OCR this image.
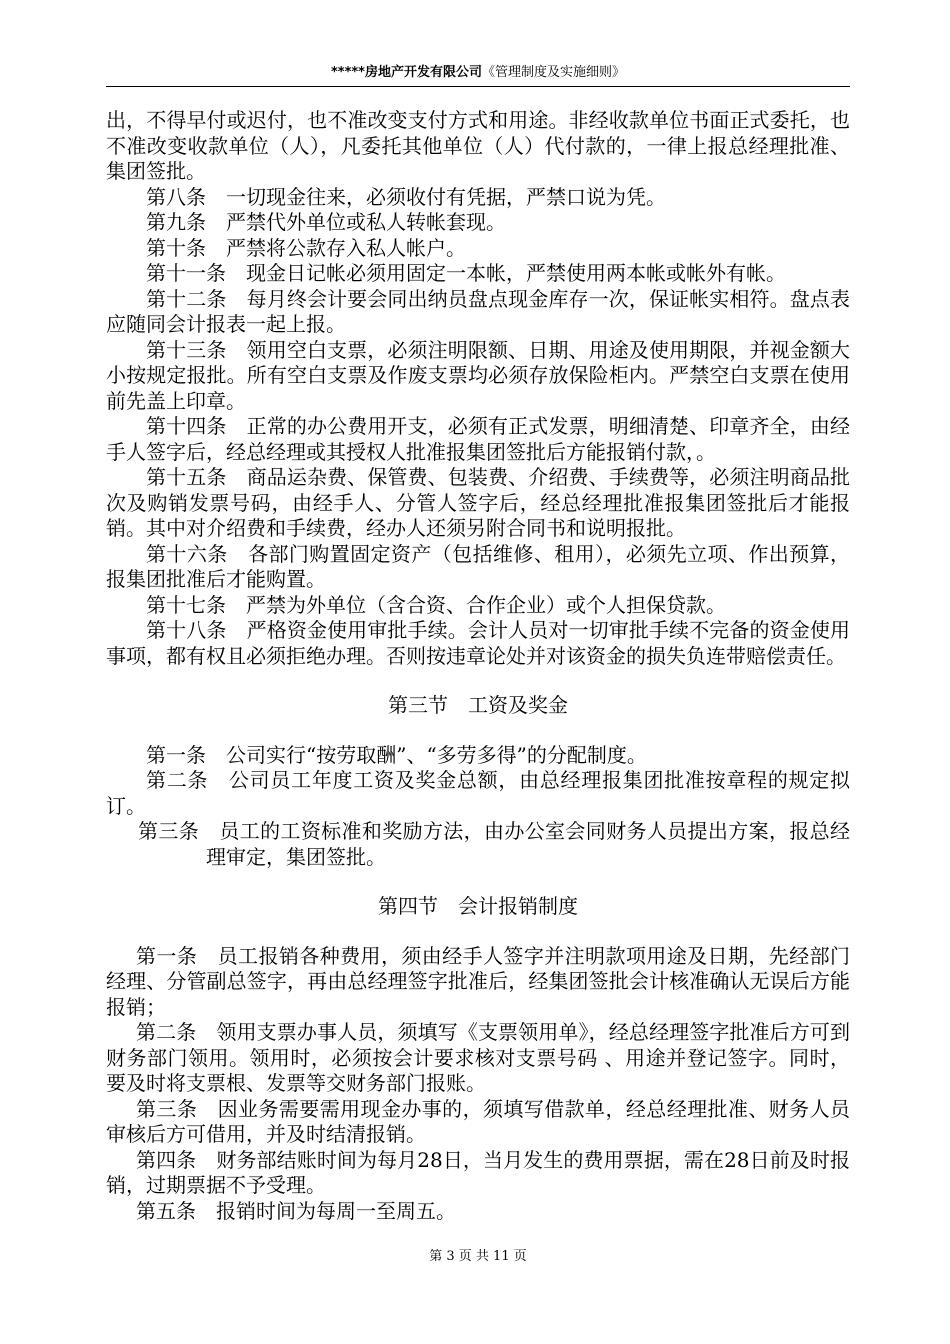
*****房地产开发有限公司《管理制度及实施细则》

出，不得早付或迟付，也不准改变支付方式和用途。非经收款单位书面正式委托，也不准改变收款单位（人），凡委托其他单位（人）代付款的，一律上报总经理批准、集团签批。

第八条　一切现金往来，必须收付有凭据，严禁口说为凭。

第九条　严禁代外单位或私人转帐套现。

第十条　严禁将公款存入私人帐户。

第十一条　现金日记帐必须用固定一本帐，严禁使用两本帐或帐外有帐。

第十二条　每月终会计要会同出纳员盘点现金库存一次，保证帐实相符。盘点表应随同会计报表一起上报。

第十三条　领用空白支票，必须注明限额、日期、用途及使用期限，并视金额大小按规定报批。所有空白支票及作废支票均必须存放保险柜内。严禁空白支票在使用前先盖上印章。

第十四条　正常的办公费用开支，必须有正式发票，明细清楚、印章齐全，由经手人签字后，经总经理或其授权人批准报集团签批后方能报销付款，。

第十五条　商品运杂费、保管费、包装费、介绍费、手续费等，必须注明商品批次及购销发票号码，由经手人、分管人签字后，经总经理批准报集团签批后才能报销。其中对介绍费和手续费，经办人还须另附合同书和说明报批。

第十六条　各部门购置固定资产（包括维修、租用），必须先立项、作出预算，报集团批准后才能购置。

第十七条　严禁为外单位（含合资、合作企业）或个人担保贷款。

第十八条　严格资金使用审批手续。会计人员对一切审批手续不完备的资金使用事项，都有权且必须拒绝办理。否则按违章论处并对该资金的损失负连带赔偿责任。

第三节　工资及奖金

第一条　公司实行“按劳取酬”、“多劳多得”的分配制度。

第二条　公司员工年度工资及奖金总额，由总经理报集团批准按章程的规定拟订。

第三条　员工的工资标准和奖励方法，由办公室会同财务人员提出方案，报总经理审定，集团签批。

第四节　会计报销制度

第一条　员工报销各种费用，须由经手人签字并注明款项用途及日期，先经部门经理、分管副总签字，再由总经理签字批准后，经集团签批会计核准确认无误后方能报销；

第二条　领用支票办事人员，须填写《支票领用单》，经总经理签字批准后方可到财务部门领用。领用时，必须按会计要求核对支票号码 、用途并登记签字。同时，要及时将支票根、发票等交财务部门报账。

第三条　因业务需要需用现金办事的，须填写借款单，经总经理批准、财务人员审核后方可借用，并及时结清报销。

第四条　财务部结账时间为每月28日，当月发生的费用票据，需在28日前及时报销，过期票据不予受理。

第五条　报销时间为每周一至周五。

第 3 页 共 11 页
